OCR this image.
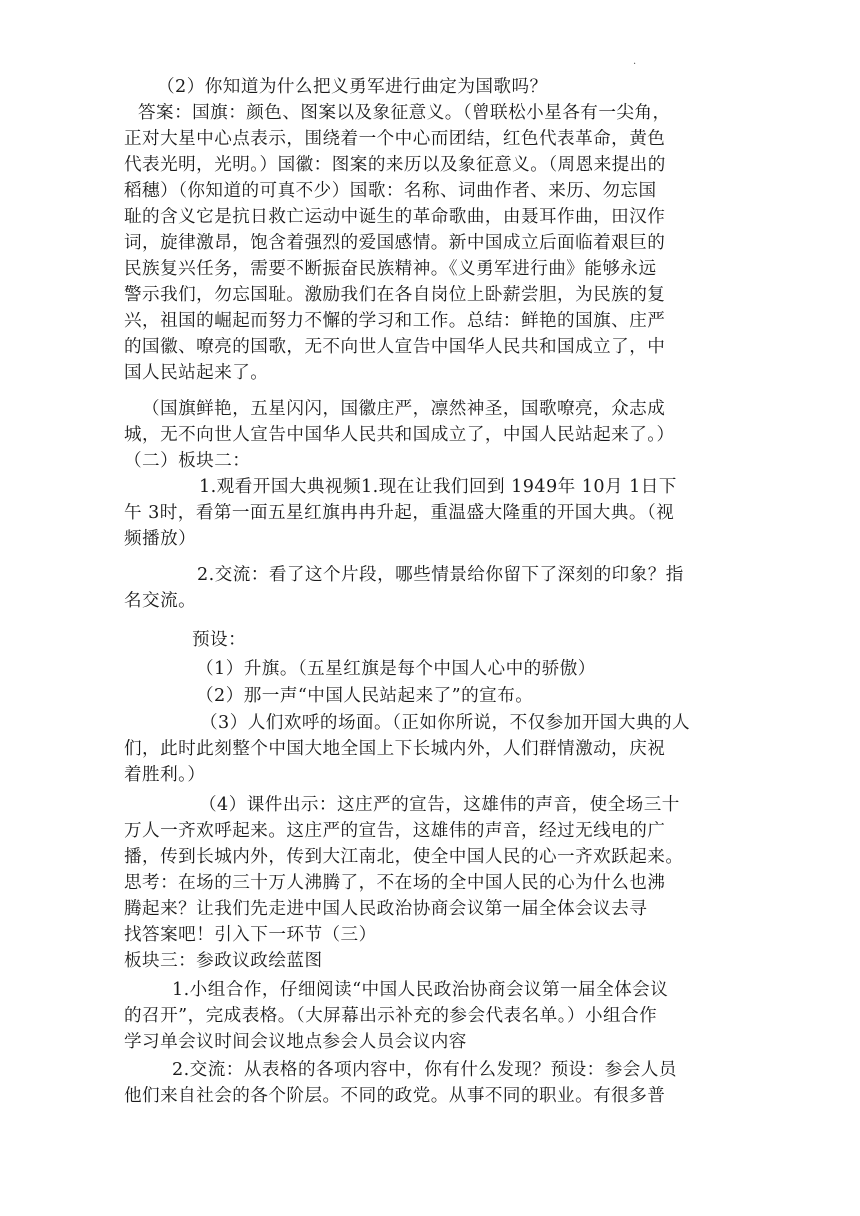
.
（2）你知道为什么把义勇军进行曲定为国歌吗？
答案：国旗：颜色、图案以及象征意义。（曾联松小星各有一尖角，
正对大星中心点表示，围绕着一个中心而团结，红色代表革命，黄色
代表光明，光明。）国徽：图案的来历以及象征意义。（周恩来提出的
稻穗）（你知道的可真不少）国歌：名称、词曲作者、来历、勿忘国
耻的含义它是抗日救亡运动中诞生的革命歌曲，由聂耳作曲，田汉作
词，旋律激昂，饱含着强烈的爱国感情。新中国成立后面临着艰巨的
民族复兴任务，需要不断振奋民族精神。《义勇军进行曲》能够永远
警示我们，勿忘国耻。激励我们在各自岗位上卧薪尝胆，为民族的复
兴，祖国的崛起而努力不懈的学习和工作。总结：鲜艳的国旗、庄严
的国徽、嘹亮的国歌，无不向世人宣告中国华人民共和国成立了，中
国人民站起来了。
（国旗鲜艳，五星闪闪，国徽庄严，凛然神圣，国歌嘹亮，众志成
城，无不向世人宣告中国华人民共和国成立了，中国人民站起来了。）
（二）板块二：
1.观看开国大典视频1.现在让我们回到 1949年 10月 1日下
午 3时，看第一面五星红旗冉冉升起，重温盛大隆重的开国大典。（视
频播放）
2.交流：看了这个片段，哪些情景给你留下了深刻的印象？指
名交流。
预设：
（1）升旗。（五星红旗是每个中国人心中的骄傲）
（2）那一声“中国人民站起来了”的宣布。
（3）人们欢呼的场面。（正如你所说，不仅参加开国大典的人
们，此时此刻整个中国大地全国上下长城内外，人们群情激动，庆祝
着胜利。）
（4）课件出示：这庄严的宣告，这雄伟的声音，使全场三十
万人一齐欢呼起来。这庄严的宣告，这雄伟的声音，经过无线电的广
播，传到长城内外，传到大江南北，使全中国人民的心一齐欢跃起来。
思考：在场的三十万人沸腾了，不在场的全中国人民的心为什么也沸
腾起来？让我们先走进中国人民政治协商会议第一届全体会议去寻
找答案吧！引入下一环节（三）
板块三：参政议政绘蓝图
1.小组合作，仔细阅读“中国人民政治协商会议第一届全体会议
的召开”，完成表格。（大屏幕出示补充的参会代表名单。）小组合作
学习单会议时间会议地点参会人员会议内容
2.交流：从表格的各项内容中，你有什么发现？预设：参会人员
他们来自社会的各个阶层。不同的政党。从事不同的职业。有很多普
